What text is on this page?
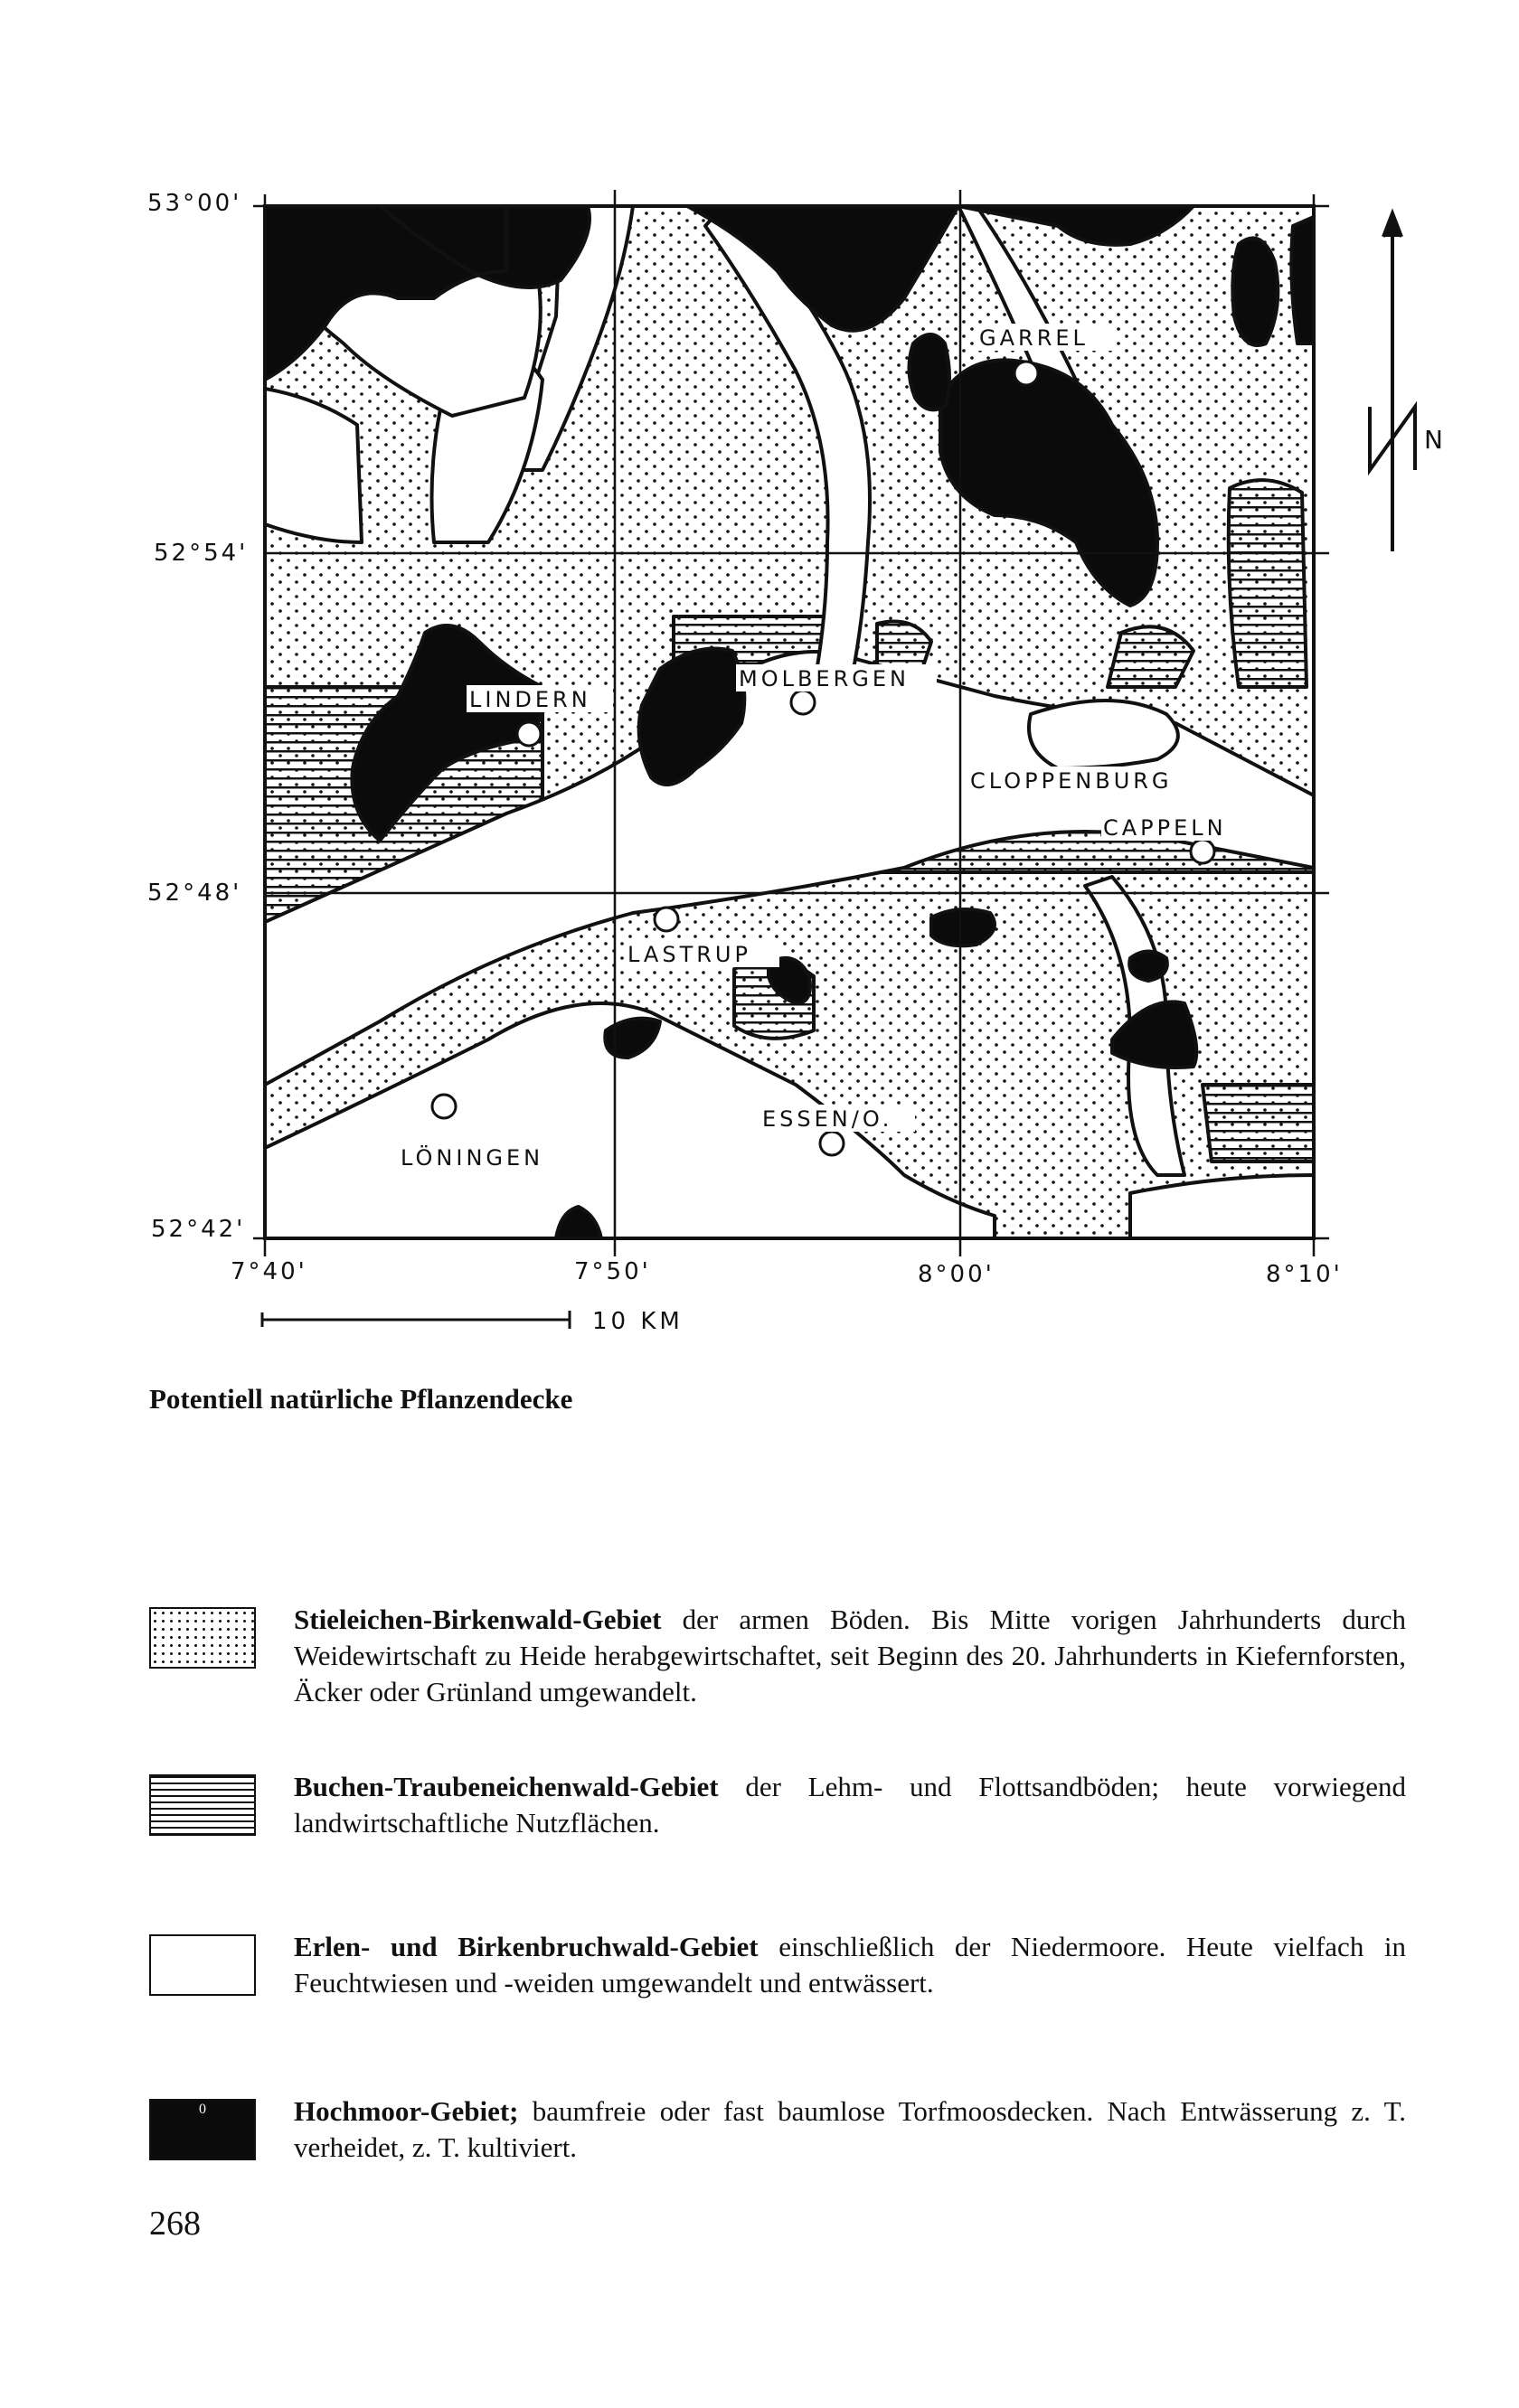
GARREL
LINDERN
MOLBERGEN
CLOPPENBURG
CAPPELN
LASTRUP
ESSEN/O.
LÖNINGEN
10 KM
53°00'
52°54'
52°48'
52°42'
7°40'	7°50'	8°00'	8°10'
N
Potentiell natürliche Pflanzendecke
Stieleichen-Birkenwald-Gebiet der armen Böden. Bis Mitte vorigen Jahrhunderts durch Weidewirtschaft zu Heide herabgewirtschaftet, seit Beginn des 20. Jahrhunderts in Kiefernforsten, Äcker oder Grünland umgewandelt.
Buchen-Traubeneichenwald-Gebiet der Lehm- und Flottsandböden; heute vorwiegend landwirtschaftliche Nutzflächen.
Erlen- und Birkenbruchwald-Gebiet einschließlich der Niedermoore. Heute vielfach in Feuchtwiesen und -weiden umgewandelt und entwässert.
0	Hochmoor-Gebiet; baumfreie oder fast baumlose Torfmoosdecken. Nach Entwässerung z. T. verheidet, z. T. kultiviert.
268
